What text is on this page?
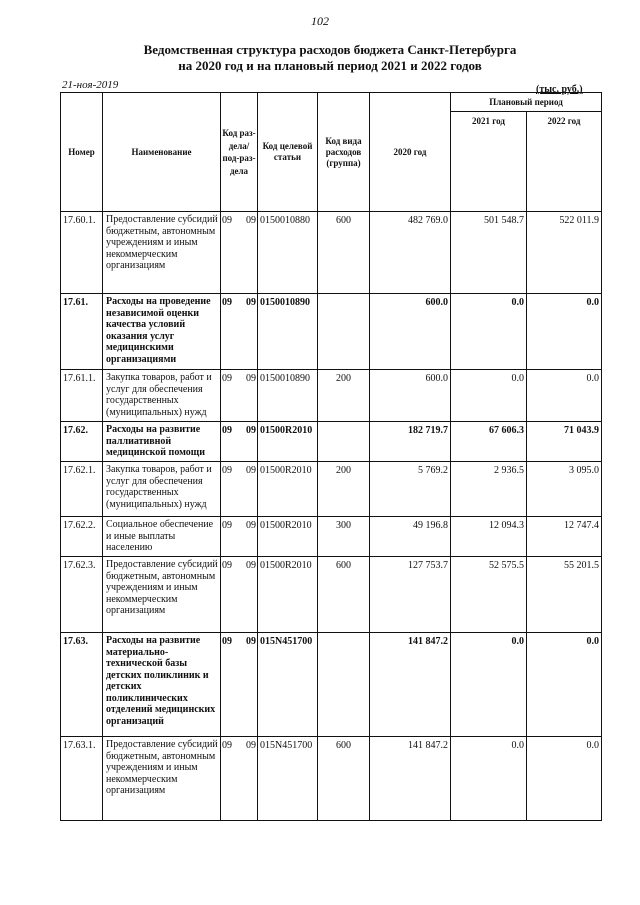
102
Ведомственная структура расходов бюджета Санкт-Петербурга
на 2020 год и на плановый период 2021 и 2022 годов
21-ноя-2019	(тыс. руб.)
Номер	Наименование	Код раз-дела/ под-раз-дела	Код целевой статьи	Код вида расходов (группа)	2020 год	Плановый период	
						2021 год	2022 год
17.60.1.	Предоставление субсидий бюджетным, автономным учреждениям и иным некоммерческим организациям	09 09	0150010880	600	482 769.0	501 548.7	522 011.9
17.61.	Расходы на проведение независимой оценки качества условий оказания услуг медицинскими организациями	09 09	0150010890		600.0	0.0	0.0
17.61.1.	Закупка товаров, работ и услуг для обеспечения государственных (муниципальных) нужд	09 09	0150010890	200	600.0	0.0	0.0
17.62.	Расходы на развитие паллиативной медицинской помощи	09 09	01500R2010		182 719.7	67 606.3	71 043.9
17.62.1.	Закупка товаров, работ и услуг для обеспечения государственных (муниципальных) нужд	09 09	01500R2010	200	5 769.2	2 936.5	3 095.0
17.62.2.	Социальное обеспечение и иные выплаты населению	09 09	01500R2010	300	49 196.8	12 094.3	12 747.4
17.62.3.	Предоставление субсидий бюджетным, автономным учреждениям и иным некоммерческим организациям	09 09	01500R2010	600	127 753.7	52 575.5	55 201.5
17.63.	Расходы на развитие материально-технической базы детских поликлиник и детских поликлинических отделений медицинских организаций	09 09	015N451700		141 847.2	0.0	0.0
17.63.1.	Предоставление субсидий бюджетным, автономным учреждениям и иным некоммерческим организациям	09 09	015N451700	600	141 847.2	0.0	0.0
